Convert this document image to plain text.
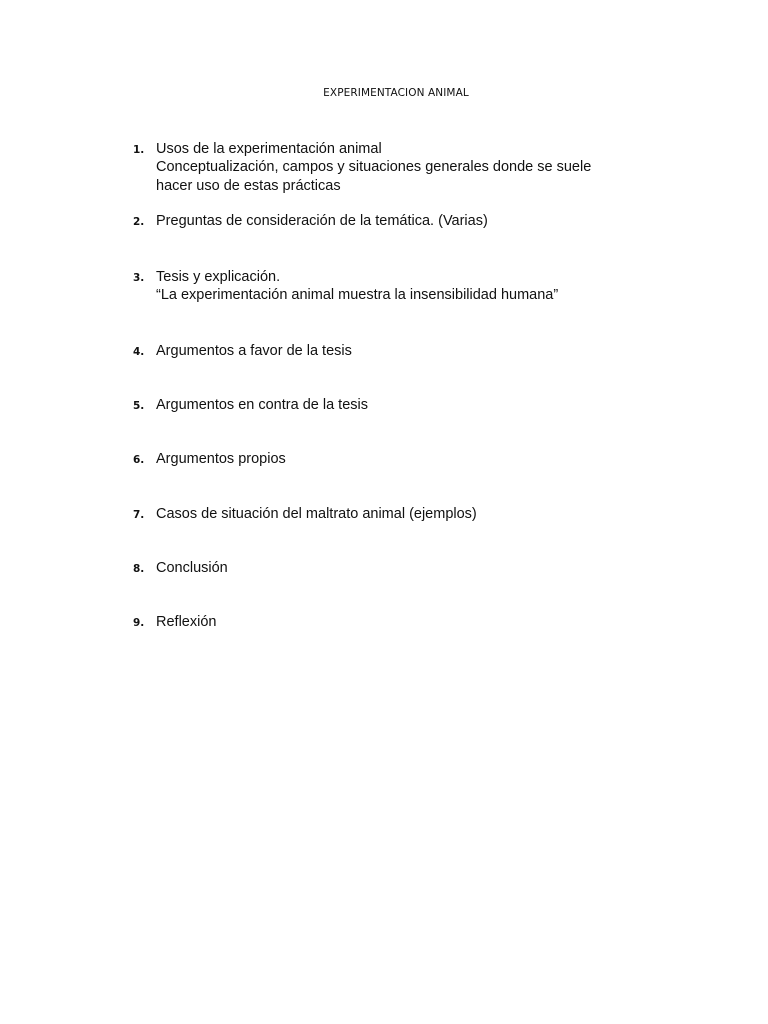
EXPERIMENTACION ANIMAL
1. Usos de la experimentación animal
Conceptualización, campos y situaciones generales donde se suele
hacer uso de estas prácticas
2. Preguntas de consideración de la temática. (Varias)
3. Tesis y explicación.
“La experimentación animal muestra la insensibilidad humana”
4. Argumentos a favor de la tesis
5. Argumentos en contra de la tesis
6. Argumentos propios
7. Casos de situación del maltrato animal (ejemplos)
8. Conclusión
9. Reflexión
